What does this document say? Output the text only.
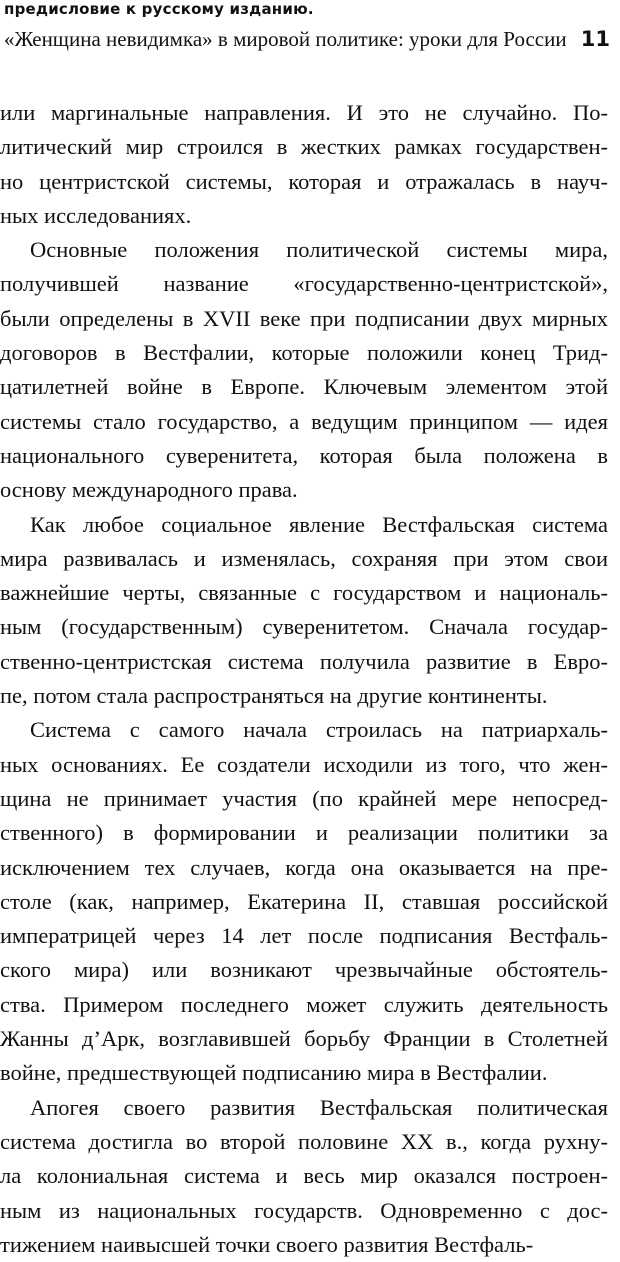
предисловие к русскому изданию.
«Женщина невидимка» в мировой политике: уроки для России 11
или маргинальные направления. И это не случайно. По-
литический мир строился в жестких рамках государствен-
но центристской системы, которая и отражалась в науч-
ных исследованиях.
Основные положения политической системы мира,
получившей название «государственно-центристской»,
были определены в XVII веке при подписании двух мирных
договоров в Вестфалии, которые положили конец Трид-
цатилетней войне в Европе. Ключевым элементом этой
системы стало государство, а ведущим принципом — идея
национального суверенитета, которая была положена в
основу международного права.
Как любое социальное явление Вестфальская система
мира развивалась и изменялась, сохраняя при этом свои
важнейшие черты, связанные с государством и националь-
ным (государственным) суверенитетом. Сначала государ-
ственно-центристская система получила развитие в Евро-
пе, потом стала распространяться на другие континенты.
Система с самого начала строилась на патриархаль-
ных основаниях. Ее создатели исходили из того, что жен-
щина не принимает участия (по крайней мере непосред-
ственного) в формировании и реализации политики за
исключением тех случаев, когда она оказывается на пре-
столе (как, например, Екатерина II, ставшая российской
императрицей через 14 лет после подписания Вестфаль-
ского мира) или возникают чрезвычайные обстоятель-
ства. Примером последнего может служить деятельность
Жанны д’Арк, возглавившей борьбу Франции в Столетней
войне, предшествующей подписанию мира в Вестфалии.
Апогея своего развития Вестфальская политическая
система достигла во второй половине XX в., когда рухну-
ла колониальная система и весь мир оказался построен-
ным из национальных государств. Одновременно с дос-
тижением наивысшей точки своего развития Вестфаль-
